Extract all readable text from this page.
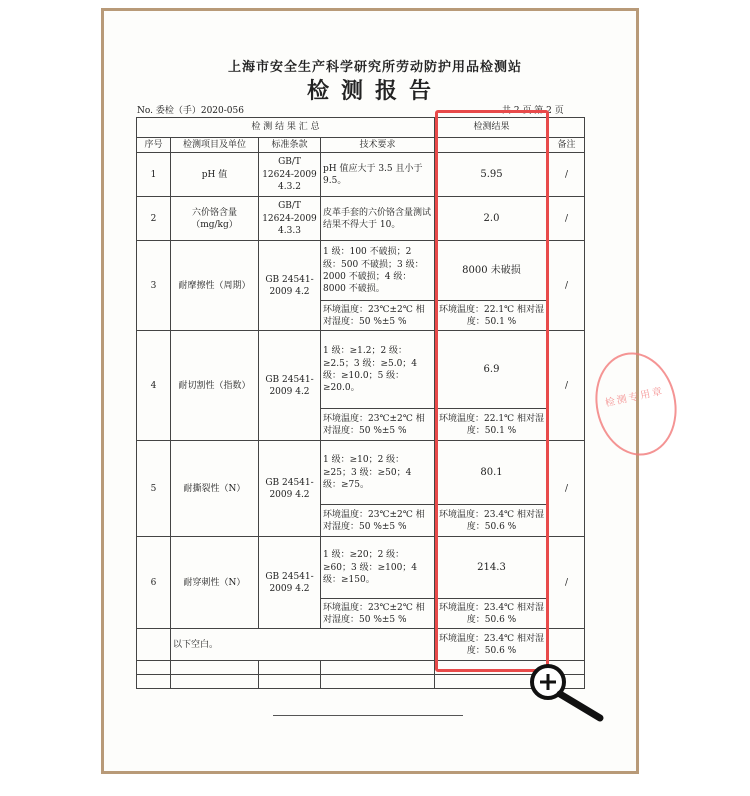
上海市安全生产科学研究所劳动防护用品检测站
检测报告
No. 委检（手）2020-056	共 2 页 第 2 页
检 测 结 果 汇 总				检测结果	
序号	检测项目及单位	标准条款	技术要求		备注
1	pH 值	GB/T 12624-2009 4.3.2	pH 值应大于 3.5 且小于 9.5。	5.95	/
2	六价铬含量（mg/kg）	GB/T 12624-2009 4.3.3	皮革手套的六价铬含量测试结果不得大于 10。	2.0	/
3	耐摩擦性（周期）	GB 24541-2009 4.2	1 级：100 不破损；2 级：500 不破损；3 级：2000 不破损；4 级：8000 不破损。	8000 未破损	/
			环境温度：23℃±2℃ 相对湿度：50 %±5 %	环境温度：22.1℃ 相对湿度：50.1 %	
4	耐切割性（指数）	GB 24541-2009 4.2	1 级：≥1.2；2 级：≥2.5；3 级：≥5.0；4 级：≥10.0；5 级：≥20.0。	6.9	/
			环境温度：23℃±2℃ 相对湿度：50 %±5 %	环境温度：22.1℃ 相对湿度：50.1 %	
5	耐撕裂性（N）	GB 24541-2009 4.2	1 级：≥10；2 级：≥25；3 级：≥50；4 级：≥75。	80.1	/
			环境温度：23℃±2℃ 相对湿度：50 %±5 %	环境温度：23.4℃ 相对湿度：50.6 %	
6	耐穿刺性（N）	GB 24541-2009 4.2	1 级：≥20；2 级：≥60；3 级：≥100；4 级：≥150。	214.3	/
			环境温度：23℃±2℃ 相对湿度：50 %±5 %	环境温度：23.4℃ 相对湿度：50.6 %	
	以下空白。			环境温度：23.4℃ 相对湿度：50.6 %	

检测专用章
